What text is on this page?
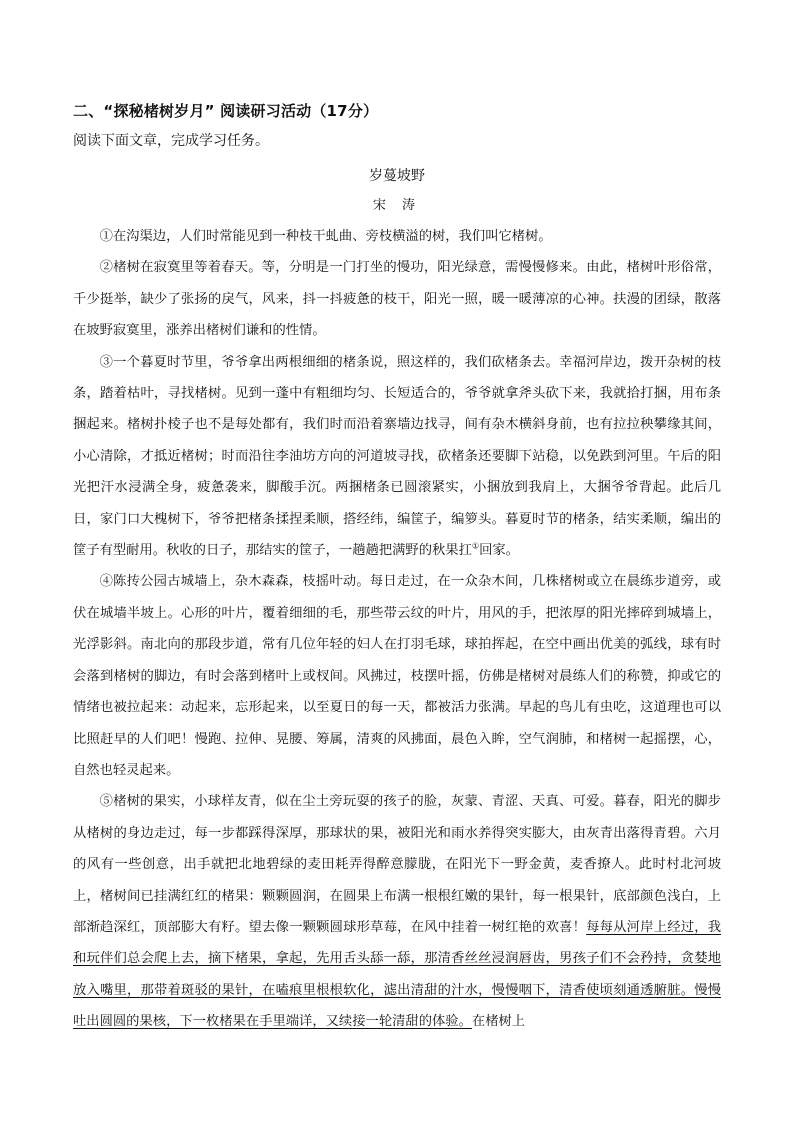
二、“探秘楮树岁月” 阅读研习活动（17分）
阅读下面文章，完成学习任务。
岁蔓坡野
宋 涛

①在沟渠边，人们时常能见到一种枝干虬曲、旁枝横溢的树，我们叫它楮树。

②楮树在寂寞里等着春天。等，分明是一门打坐的慢功，阳光绿意，需慢慢修来。由此，楮树叶形俗常，千少挺举，缺少了张扬的戾气，风来，抖一抖疲惫的枝干，阳光一照，暖一暖薄凉的心神。扶漫的团绿，散落在坡野寂寞里，涨养出楮树们谦和的性情。

③一个暮夏时节里，爷爷拿出两根细细的楮条说，照这样的，我们砍楮条去。幸福河岸边，拨开杂树的枝条，踏着枯叶，寻找楮树。见到一蓬中有粗细均匀、长短适合的，爷爷就拿斧头砍下来，我就拾打捆，用布条捆起来。楮树扑棱子也不是每处都有，我们时而沿着寨墙边找寻，间有杂木横斜身前，也有拉拉秧攀缘其间，小心清除，才抵近楮树；时而沿往李油坊方向的河道坡寻找，砍楮条还要脚下站稳，以免跌到河里。午后的阳光把汗水浸满全身，疲惫袭来，脚酸手沉。两捆楮条已圆滚紧实，小捆放到我肩上，大捆爷爷背起。此后几日，家门口大槐树下，爷爷把楮条揉捏柔顺，搭经纬，编筐子，编箩头。暮夏时节的楮条，结实柔顺，编出的筐子有型耐用。秋收的日子，那结实的筐子，一趟趟把满野的秋果扛①回家。

④陈抟公园古城墙上，杂木森森，枝摇叶动。每日走过，在一众杂木间，几株楮树或立在晨练步道旁，或伏在城墙半坡上。心形的叶片，覆着细细的毛，那些带云纹的叶片，用风的手，把浓厚的阳光摔碎到城墙上，光浮影斜。南北向的那段步道，常有几位年轻的妇人在打羽毛球，球拍挥起，在空中画出优美的弧线，球有时会落到楮树的脚边，有时会落到楮叶上或杈间。风拂过，枝摆叶摇，仿佛是楮树对晨练人们的称赞，抑或它的情绪也被拉起来：动起来，忘形起来，以至夏日的每一天，都被活力张满。早起的鸟儿有虫吃，这道理也可以比照赶早的人们吧！慢跑、拉伸、晃腰、筹属，清爽的风拂面，晨色入眸，空气润肺，和楮树一起摇摆，心，自然也轻灵起来。

⑤楮树的果实，小球样友青，似在尘土旁玩耍的孩子的脸，灰蒙、青涩、天真、可爱。暮春，阳光的脚步从楮树的身边走过，每一步都踩得深厚，那球状的果，被阳光和雨水养得突实膨大，由灰青出落得青碧。六月的风有一些创意，出手就把北地碧绿的麦田耗弄得醉意朦胧，在阳光下一野金黄，麦香撩人。此时村北河坡上，楮树间已挂满红红的楮果：颗颗圆润，在圆果上布满一根根红嫩的果针，每一根果针，底部颜色浅白，上部渐趋深红，顶部膨大有籽。望去像一颗颗圆球形草莓，在风中挂着一树红艳的欢喜！每每从河岸上经过，我和玩伴们总会爬上去，摘下楮果，拿起，先用舌头舔一舔，那清香丝丝浸润唇齿，男孩子们不会矜持，贪婪地放入嘴里，那带着斑驳的果针，在嗑痕里根根软化，滤出清甜的汁水，慢慢咽下，清香使顷刻通透腑脏。慢慢吐出圆圆的果核，下一枚楮果在手里端详，又续接一轮清甜的体验。在楮树上
